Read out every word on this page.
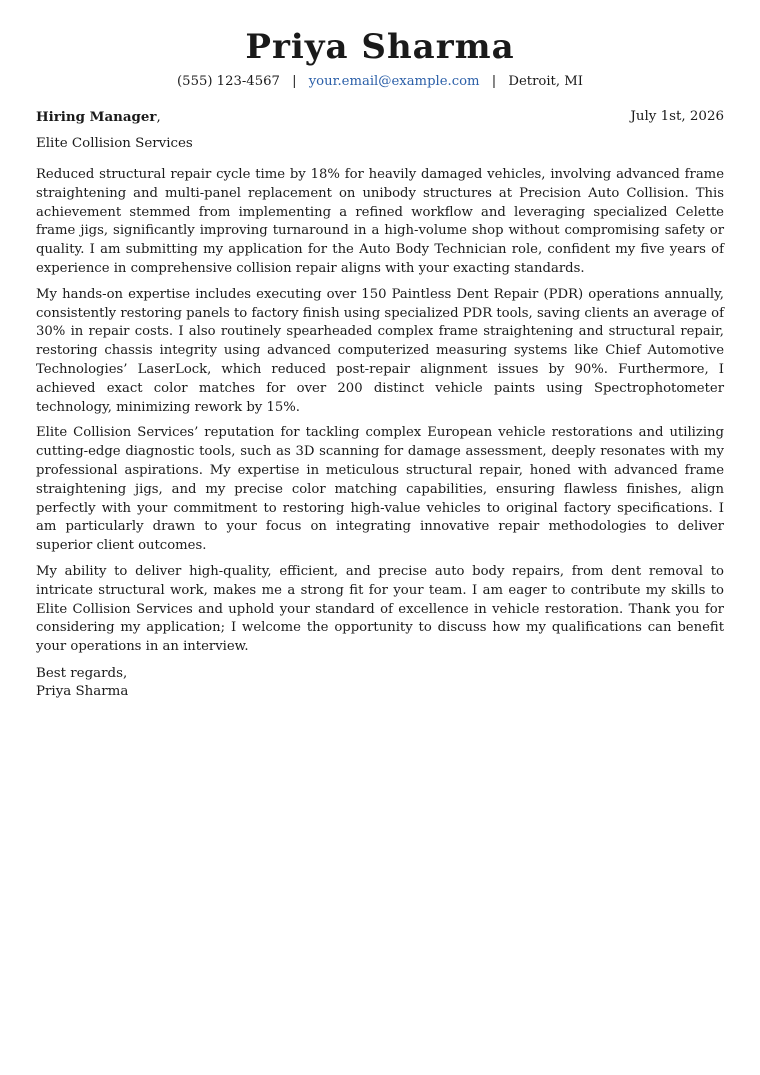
Priya Sharma
(555) 123-4567 | your.email@example.com | Detroit, MI
Hiring Manager,	July 1st, 2026
Elite Collision Services

Reduced structural repair cycle time by 18% for heavily damaged vehicles, involving advanced frame straightening and multi-panel replacement on unibody structures at Precision Auto Collision. This achievement stemmed from implementing a refined workflow and leveraging specialized Celette frame jigs, significantly improving turnaround in a high-volume shop without compromising safety or quality. I am submitting my application for the Auto Body Technician role, confident my five years of experience in comprehensive collision repair aligns with your exacting standards.

My hands-on expertise includes executing over 150 Paintless Dent Repair (PDR) operations annually, consistently restoring panels to factory finish using specialized PDR tools, saving clients an average of 30% in repair costs. I also routinely spearheaded complex frame straightening and structural repair, restoring chassis integrity using advanced computerized measuring systems like Chief Automotive Technologies’ LaserLock, which reduced post-repair alignment issues by 90%. Furthermore, I achieved exact color matches for over 200 distinct vehicle paints using Spectrophotometer technology, minimizing rework by 15%.

Elite Collision Services’ reputation for tackling complex European vehicle restorations and utilizing cutting-edge diagnostic tools, such as 3D scanning for damage assessment, deeply resonates with my professional aspirations. My expertise in meticulous structural repair, honed with advanced frame straightening jigs, and my precise color matching capabilities, ensuring flawless finishes, align perfectly with your commitment to restoring high-value vehicles to original factory specifications. I am particularly drawn to your focus on integrating innovative repair methodologies to deliver superior client outcomes.

My ability to deliver high-quality, efficient, and precise auto body repairs, from dent removal to intricate structural work, makes me a strong fit for your team. I am eager to contribute my skills to Elite Collision Services and uphold your standard of excellence in vehicle restoration. Thank you for considering my application; I welcome the opportunity to discuss how my qualifications can benefit your operations in an interview.

Best regards,
Priya Sharma
